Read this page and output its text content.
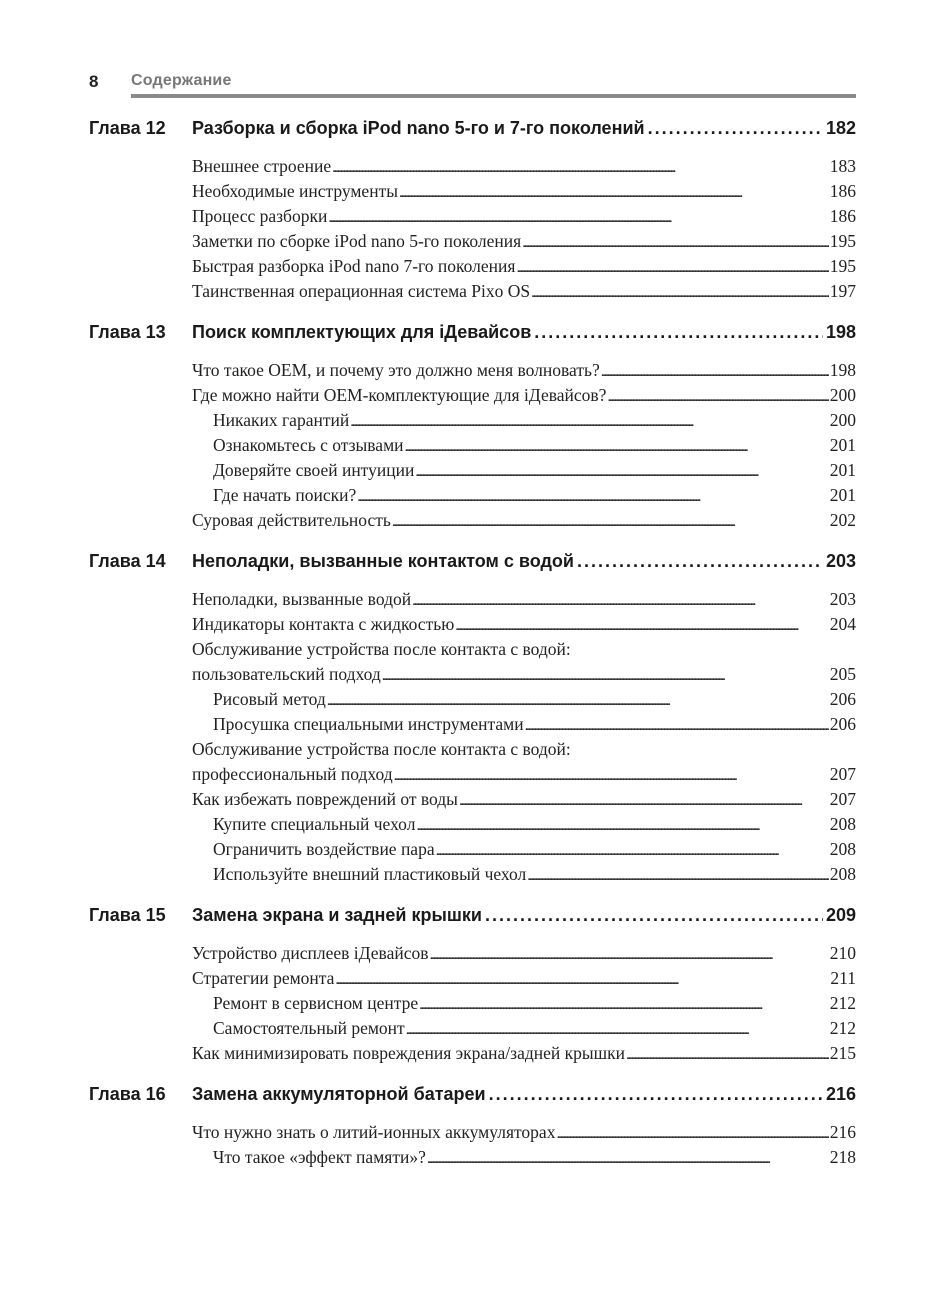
8 Содержание
Глава 12	Разборка и сборка iPod nano 5-го и 7-го поколений . . .	182
Внешнее строение . . .	183
Необходимые инструменты . . .	186
Процесс разборки . . .	186
Заметки по сборке iPod nano 5-го поколения . . .	195
Быстрая разборка iPod nano 7-го поколения . . .	195
Таинственная операционная система Pixo OS . . .	197
Глава 13	Поиск комплектующих для iДевайсов . . .	198
Что такое OEM, и почему это должно меня волновать? . . .	198
Где можно найти OEM-комплектующие для iДевайсов? . . .	200
Никаких гарантий . . .	200
Ознакомьтесь с отзывами . . .	201
Доверяйте своей интуиции . . .	201
Где начать поиски? . . .	201
Суровая действительность . . .	202
Глава 14	Неполадки, вызванные контактом с водой . . .	203
Неполадки, вызванные водой . . .	203
Индикаторы контакта с жидкостью . . .	204
Обслуживание устройства после контакта с водой:
пользовательский подход . . .	205
Рисовый метод . . .	206
Просушка специальными инструментами . . .	206
Обслуживание устройства после контакта с водой:
профессиональный подход . . .	207
Как избежать повреждений от воды . . .	207
Купите специальный чехол . . .	208
Ограничить воздействие пара . . .	208
Используйте внешний пластиковый чехол . . .	208
Глава 15	Замена экрана и задней крышки . . .	209
Устройство дисплеев iДевайсов . . .	210
Стратегии ремонта . . .	211
Ремонт в сервисном центре . . .	212
Самостоятельный ремонт . . .	212
Как минимизировать повреждения экрана/задней крышки . . .	215
Глава 16	Замена аккумуляторной батареи . . .	216
Что нужно знать о литий-ионных аккумуляторах . . .	216
Что такое «эффект памяти»? . . .	218
